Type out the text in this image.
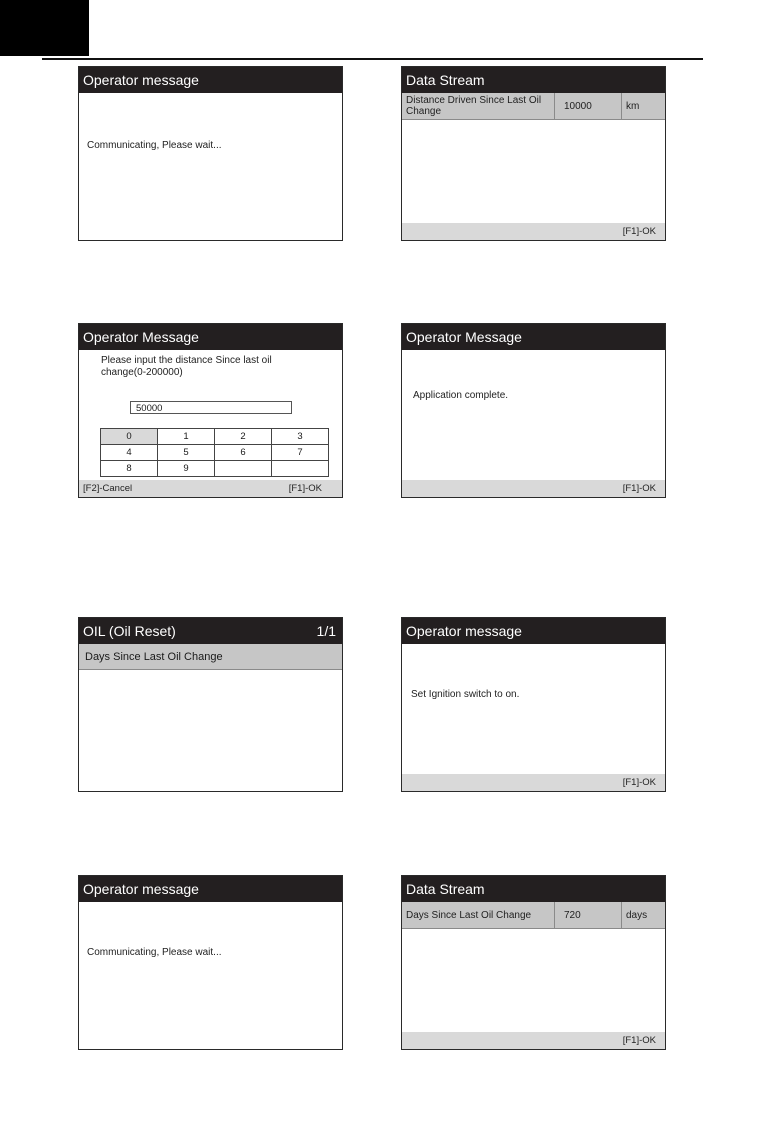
Operator message
Communicating, Please wait...
Data Stream
Distance Driven Since Last Oil Change	10000	km
[F1]-OK
Operator Message
Please input the distance Since last oil
change(0-200000)
50000
0	1	2	3
4	5	6	7
8	9		
[F2]-Cancel	[F1]-OK
Operator Message
Application complete.
[F1]-OK
OIL (Oil Reset)	1/1
Days Since Last Oil Change
Operator message
Set Ignition switch to on.
[F1]-OK
Operator message
Communicating, Please wait...
Data Stream
Days Since Last Oil Change	720	days
[F1]-OK
